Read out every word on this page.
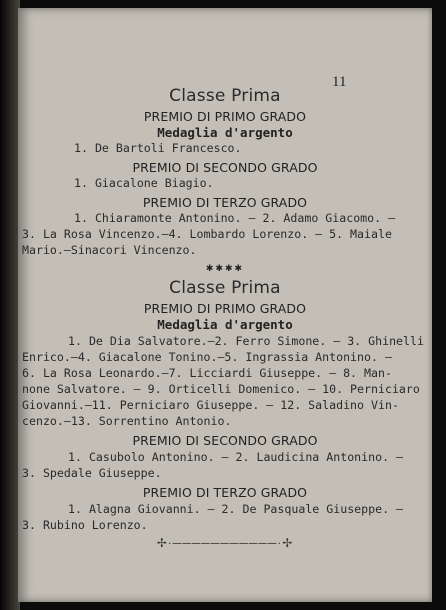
11
Classe Prima
PREMIO DI PRIMO GRADO
Medaglia d'argento
1. De Bartoli Francesco.
PREMIO DI SECONDO GRADO
1. Giacalone Biagio.
PREMIO DI TERZO GRADO
1. Chiaramonte Antonino. — 2. Adamo Giacomo. —
3. La Rosa Vincenzo.—4. Lombardo Lorenzo. — 5. Maiale
Mario.—Sinacori Vincenzo.
✱✱✱✱
Classe Prima
PREMIO DI PRIMO GRADO
Medaglia d'argento
1. De Dia Salvatore.—2. Ferro Simone. — 3. Ghinelli
Enrico.—4. Giacalone Tonino.—5. Ingrassia Antonino. —
6. La Rosa Leonardo.—7. Licciardi Giuseppe. — 8. Man-
none Salvatore. — 9. Orticelli Domenico. — 10. Perniciaro
Giovanni.—11. Perniciaro Giuseppe. — 12. Saladino Vin-
cenzo.—13. Sorrentino Antonio.
PREMIO DI SECONDO GRADO
1. Casubolo Antonino. — 2. Laudicina Antonino. —
3. Spedale Giuseppe.
PREMIO DI TERZO GRADO
1. Alagna Giovanni. — 2. De Pasquale Giuseppe. —
3. Rubino Lorenzo.
✢·───────────·✢
